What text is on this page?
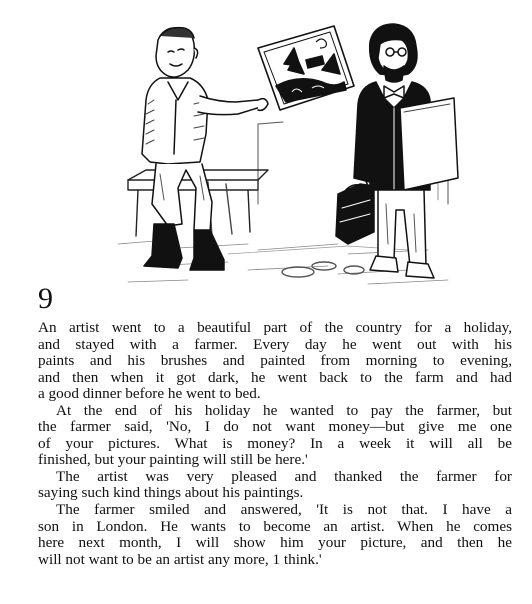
9

An artist went to a beautiful part of the country for a holiday,
and stayed with a farmer. Every day he went out with his
paints and his brushes and painted from morning to evening,
and then when it got dark, he went back to the farm and had
a good dinner before he went to bed.

At the end of his holiday he wanted to pay the farmer, but
the farmer said, 'No, I do not want money—but give me one
of your pictures. What is money? In a week it will all be
finished, but your painting will still be here.'

The artist was very pleased and thanked the farmer for
saying such kind things about his paintings.

The farmer smiled and answered, 'It is not that. I have a
son in London. He wants to become an artist. When he comes
here next month, I will show him your picture, and then he
will not want to be an artist any more, 1 think.'
